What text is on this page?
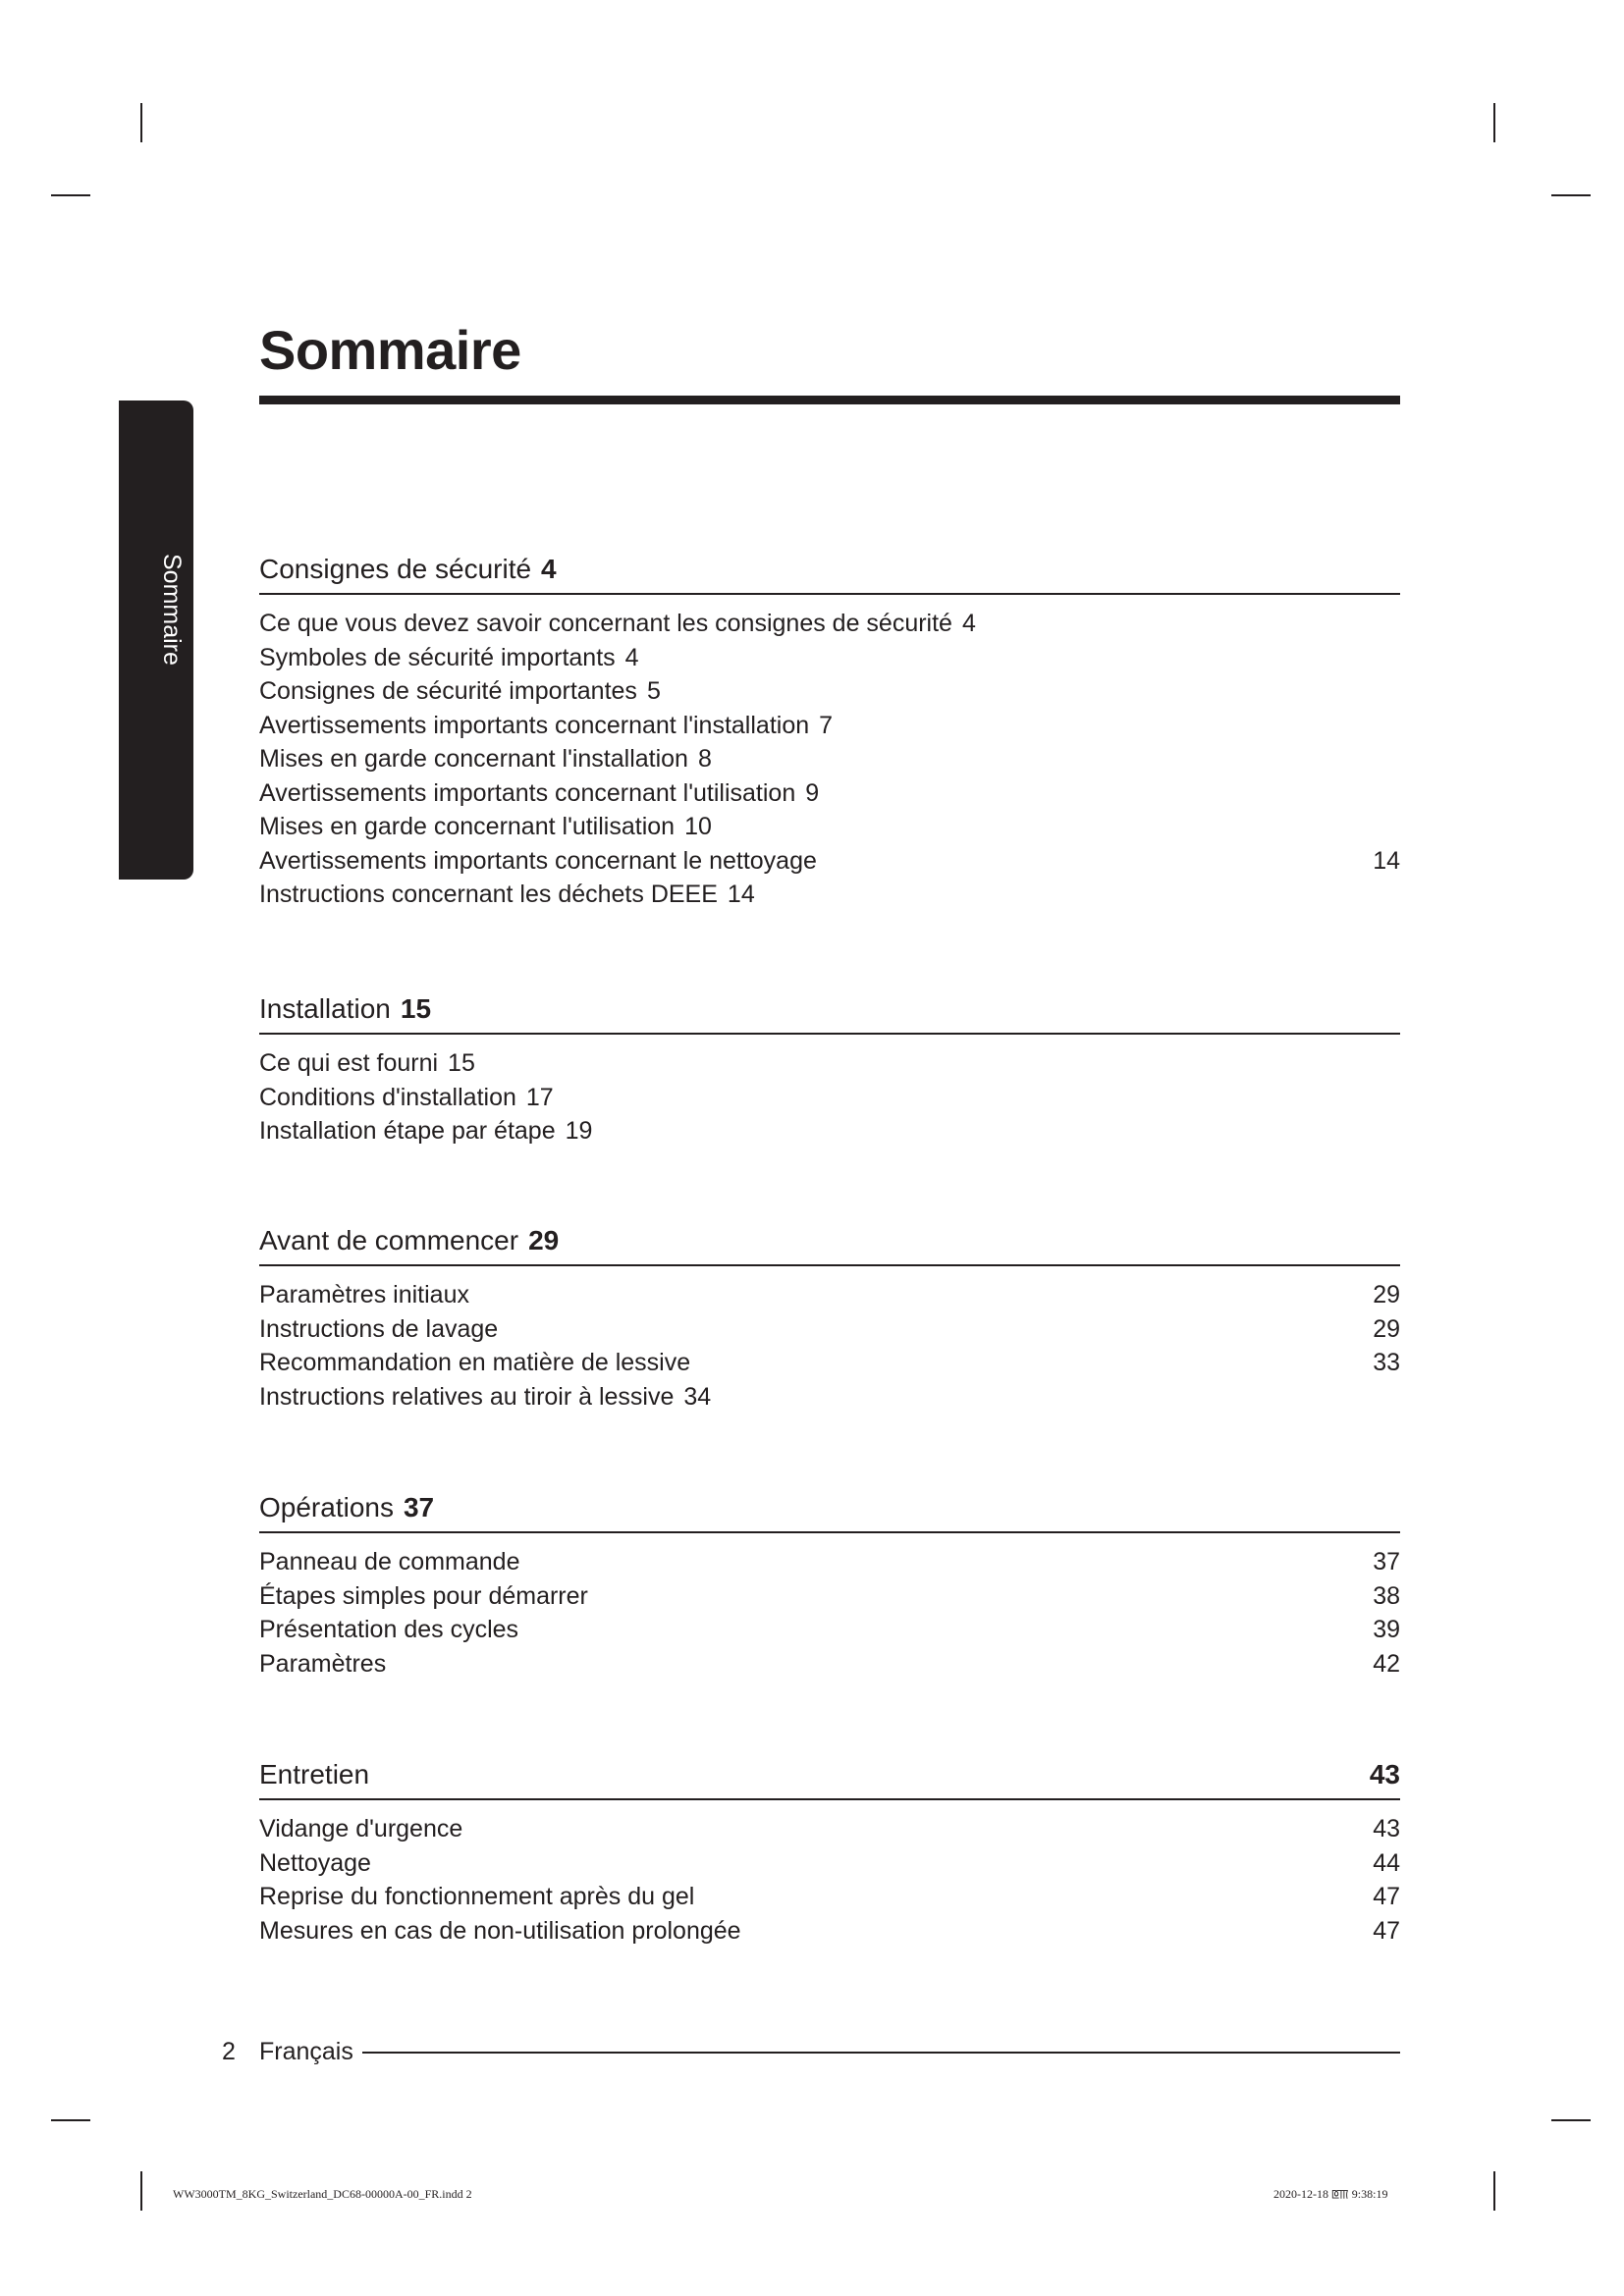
Sommaire
Sommaire
Consignes de sécurité 4
Ce que vous devez savoir concernant les consignes de sécurité 4
Symboles de sécurité importants 4
Consignes de sécurité importantes 5
Avertissements importants concernant l'installation 7
Mises en garde concernant l'installation 8
Avertissements importants concernant l'utilisation 9
Mises en garde concernant l'utilisation 10
Avertissements importants concernant le nettoyage	14
Instructions concernant les déchets DEEE 14
Installation 15
Ce qui est fourni 15
Conditions d'installation 17
Installation étape par étape 19
Avant de commencer 29
Paramètres initiaux	29
Instructions de lavage	29
Recommandation en matière de lessive	33
Instructions relatives au tiroir à lessive 34
Opérations 37
Panneau de commande	37
Étapes simples pour démarrer	38
Présentation des cycles	39
Paramètres	42
Entretien	43
Vidange d'urgence	43
Nettoyage	44
Reprise du fonctionnement après du gel	47
Mesures en cas de non-utilisation prolongée	47
2 Français
WW3000TM_8KG_Switzerland_DC68-00000A-00_FR.indd 2	2020-12-18 ꡔꡕ 9:38:19
